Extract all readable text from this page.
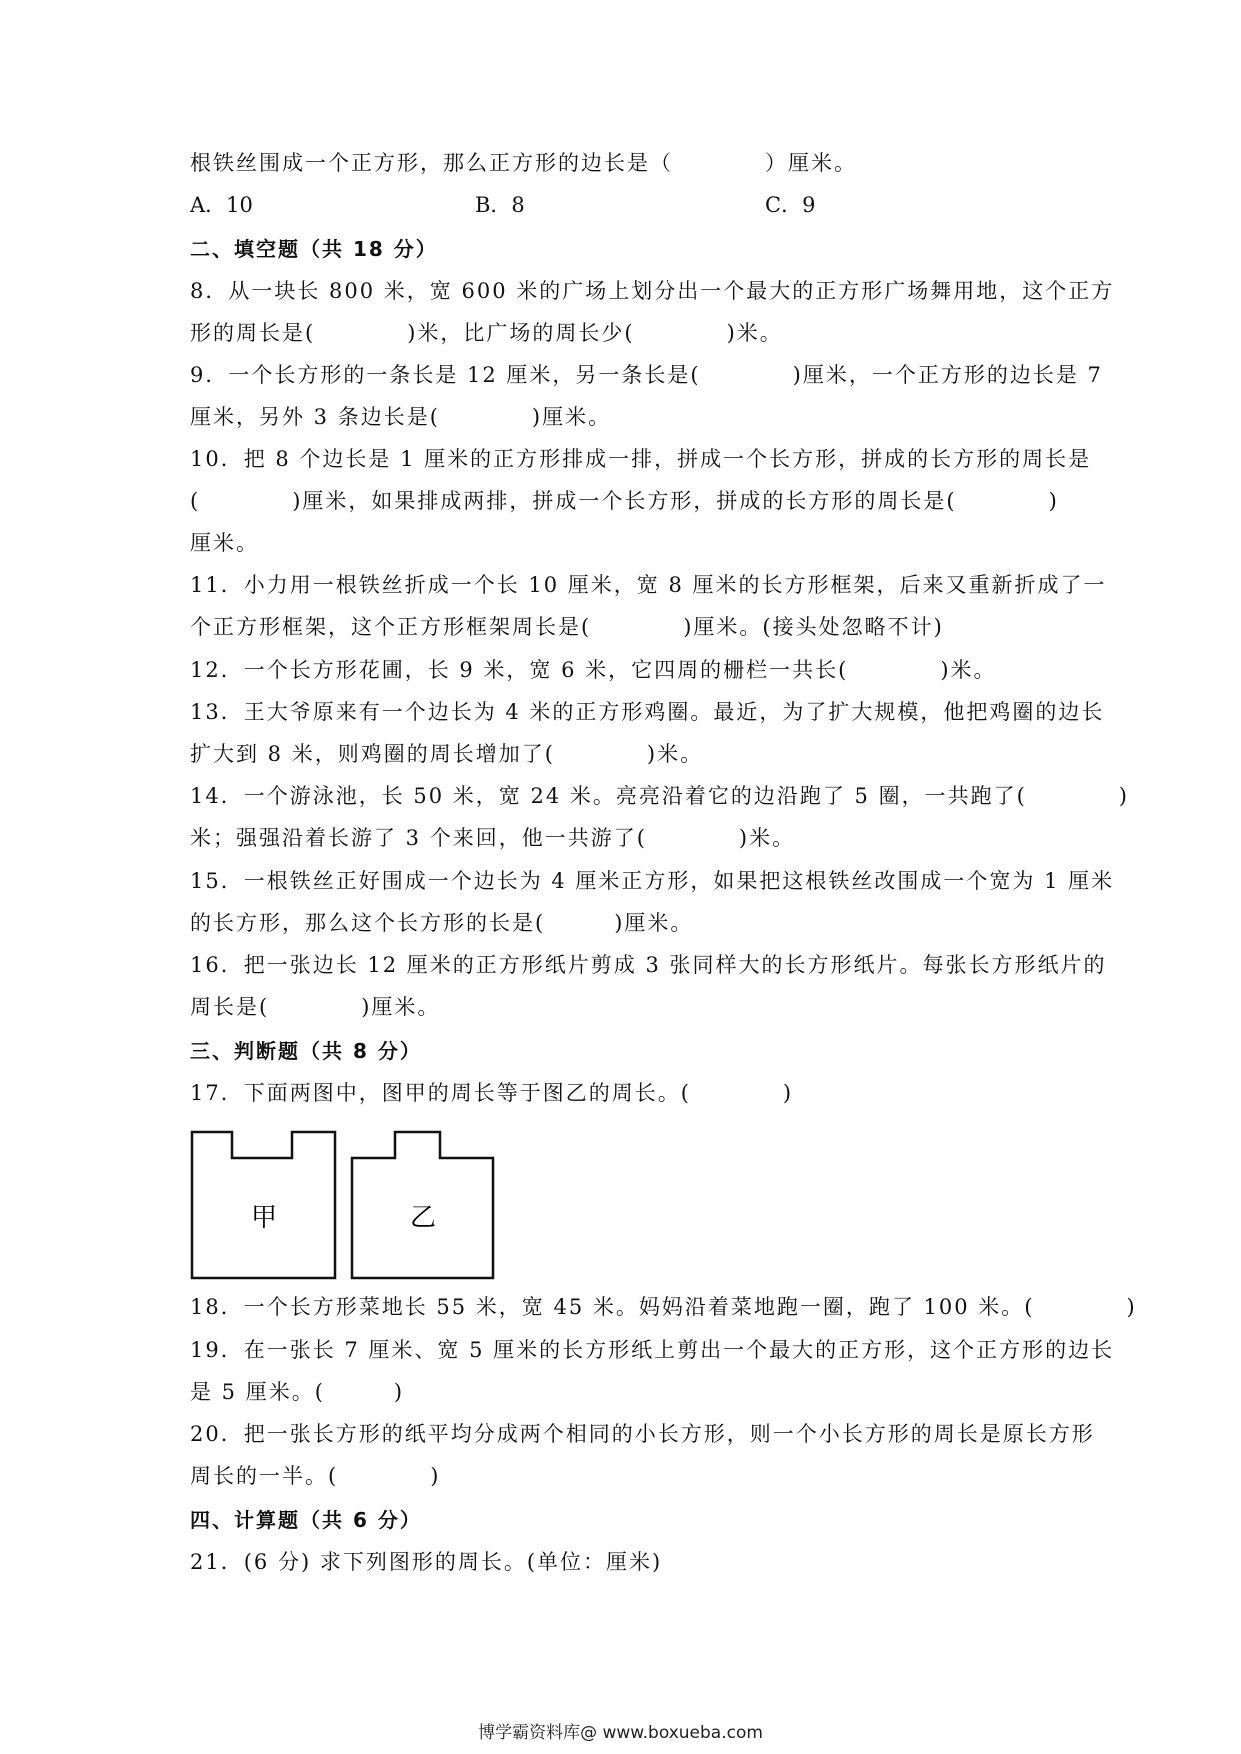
根铁丝围成一个正方形，那么正方形的边长是（　　　　）厘米。
A．10	B．8	C．9
二、填空题（共 18 分）
8．从一块长 800 米，宽 600 米的广场上划分出一个最大的正方形广场舞用地，这个正方
形的周长是(　　　　)米，比广场的周长少(　　　　)米。
9．一个长方形的一条长是 12 厘米，另一条长是(　　　　)厘米，一个正方形的边长是 7
厘米，另外 3 条边长是(　　　　)厘米。
10．把 8 个边长是 1 厘米的正方形排成一排，拼成一个长方形，拼成的长方形的周长是
(　　　　)厘米，如果排成两排，拼成一个长方形，拼成的长方形的周长是(　　　　)
厘米。
11．小力用一根铁丝折成一个长 10 厘米，宽 8 厘米的长方形框架，后来又重新折成了一
个正方形框架，这个正方形框架周长是(　　　　)厘米。(接头处忽略不计)
12．一个长方形花圃，长 9 米，宽 6 米，它四周的栅栏一共长(　　　　)米。
13．王大爷原来有一个边长为 4 米的正方形鸡圈。最近，为了扩大规模，他把鸡圈的边长
扩大到 8 米，则鸡圈的周长增加了(　　　　)米。
14．一个游泳池，长 50 米，宽 24 米。亮亮沿着它的边沿跑了 5 圈，一共跑了(　　　　)
米；强强沿着长游了 3 个来回，他一共游了(　　　　)米。
15．一根铁丝正好围成一个边长为 4 厘米正方形，如果把这根铁丝改围成一个宽为 1 厘米
的长方形，那么这个长方形的长是(　　　)厘米。
16．把一张边长 12 厘米的正方形纸片剪成 3 张同样大的长方形纸片。每张长方形纸片的
周长是(　　　　)厘米。
三、判断题（共 8 分）
17．下面两图中，图甲的周长等于图乙的周长。(　　　　)
甲	乙
18．一个长方形菜地长 55 米，宽 45 米。妈妈沿着菜地跑一圈，跑了 100 米。(　　　　)
19．在一张长 7 厘米、宽 5 厘米的长方形纸上剪出一个最大的正方形，这个正方形的边长
是 5 厘米。(　　　)
20．把一张长方形的纸平均分成两个相同的小长方形，则一个小长方形的周长是原长方形
周长的一半。(　　　　)
四、计算题（共 6 分）
21．(6 分) 求下列图形的周长。(单位：厘米)
博学霸资料库@ www.boxueba.com
